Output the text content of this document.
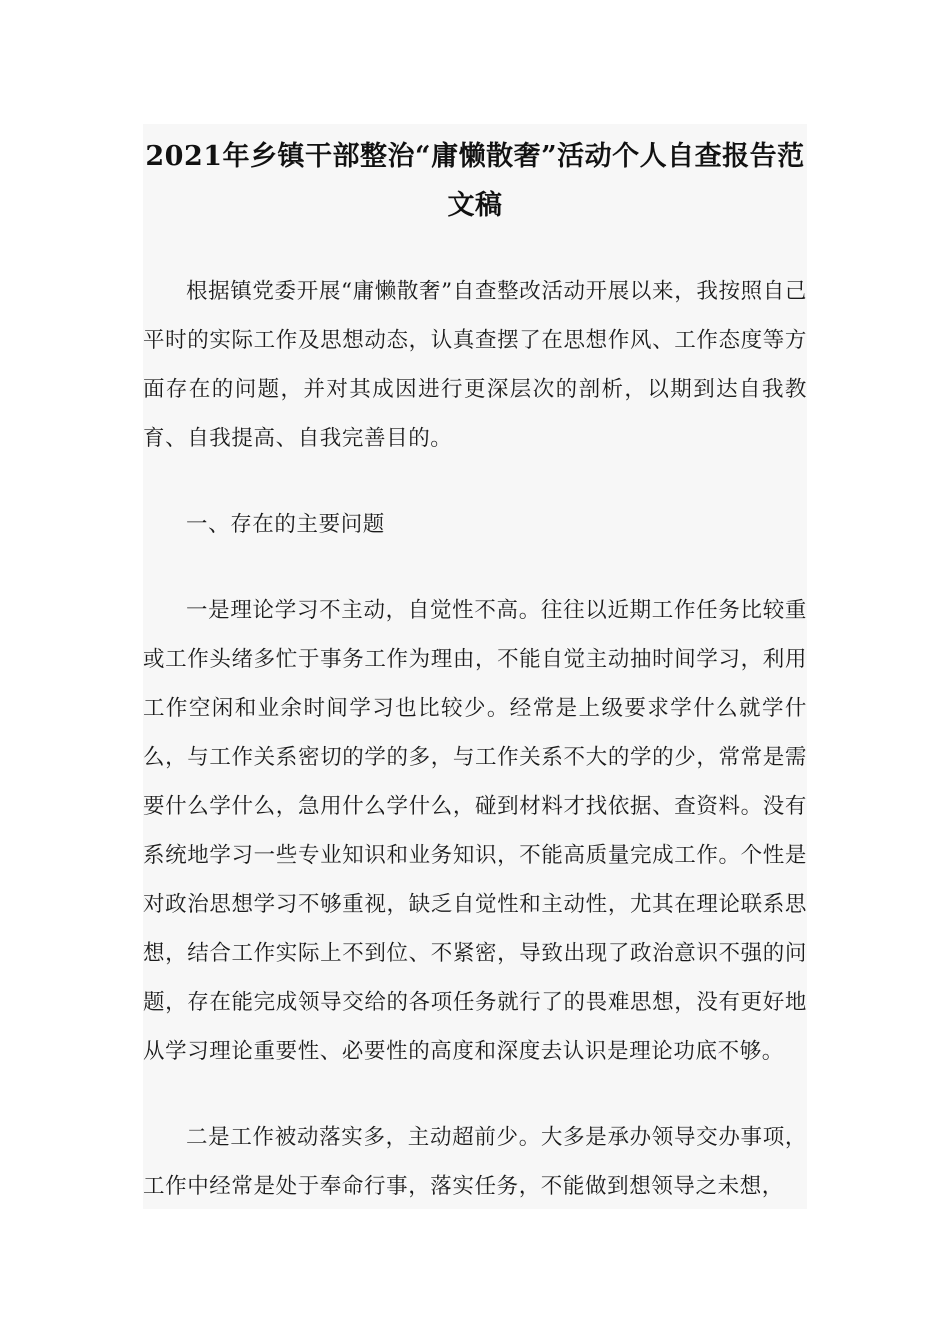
2021年乡镇干部整治“庸懒散奢”活动个人自查报告范文稿

根据镇党委开展“庸懒散奢”自查整改活动开展以来，我按照自己平时的实际工作及思想动态，认真查摆了在思想作风、工作态度等方面存在的问题，并对其成因进行更深层次的剖析，以期到达自我教育、自我提高、自我完善目的。

一、存在的主要问题

一是理论学习不主动，自觉性不高。往往以近期工作任务比较重或工作头绪多忙于事务工作为理由，不能自觉主动抽时间学习，利用工作空闲和业余时间学习也比较少。经常是上级要求学什么就学什么，与工作关系密切的学的多，与工作关系不大的学的少，常常是需要什么学什么，急用什么学什么，碰到材料才找依据、查资料。没有系统地学习一些专业知识和业务知识，不能高质量完成工作。个性是对政治思想学习不够重视，缺乏自觉性和主动性，尤其在理论联系思想，结合工作实际上不到位、不紧密，导致出现了政治意识不强的问题，存在能完成领导交给的各项任务就行了的畏难思想，没有更好地从学习理论重要性、必要性的高度和深度去认识是理论功底不够。

二是工作被动落实多，主动超前少。大多是承办领导交办事项，工作中经常是处于奉命行事，落实任务，不能做到想领导之未想，
